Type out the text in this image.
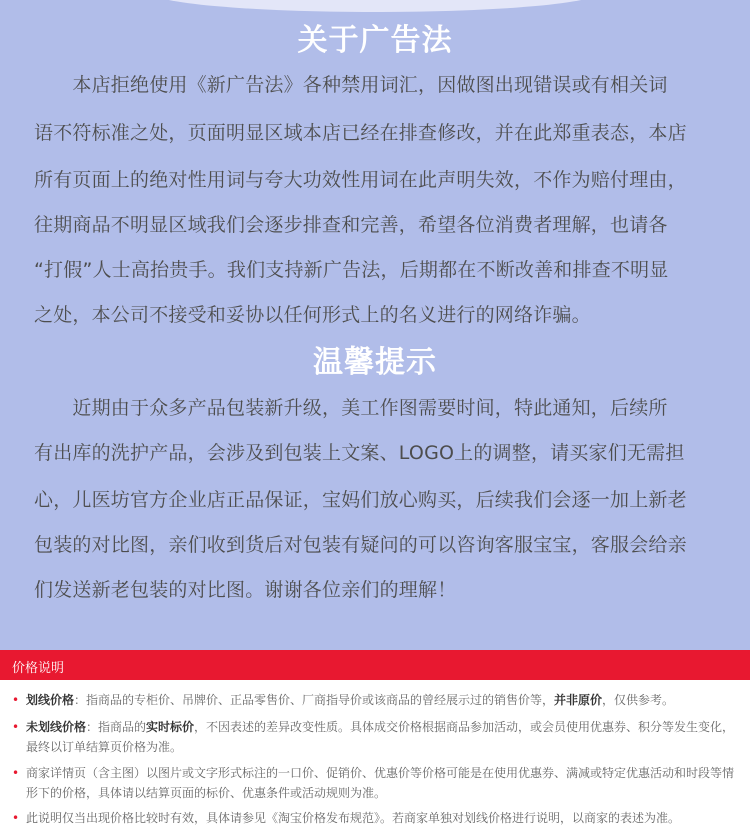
关于广告法
　　本店拒绝使用《新广告法》各种禁用词汇，因做图出现错误或有相关词
语不符标准之处，页面明显区域本店已经在排查修改，并在此郑重表态，本店
所有页面上的绝对性用词与夸大功效性用词在此声明失效，不作为赔付理由，
往期商品不明显区域我们会逐步排查和完善，希望各位消费者理解，也请各
“打假”人士高抬贵手。我们支持新广告法，后期都在不断改善和排查不明显
之处，本公司不接受和妥协以任何形式上的名义进行的网络诈骗。
温馨提示
　　近期由于众多产品包装新升级，美工作图需要时间，特此通知，后续所
有出库的洗护产品，会涉及到包装上文案、LOGO上的调整，请买家们无需担
心，儿医坊官方企业店正品保证，宝妈们放心购买，后续我们会逐一加上新老
包装的对比图，亲们收到货后对包装有疑问的可以咨询客服宝宝，客服会给亲
们发送新老包装的对比图。谢谢各位亲们的理解！
价格说明
• 划线价格：指商品的专柜价、吊牌价、正品零售价、厂商指导价或该商品的曾经展示过的销售价等，并非原价，仅供参考。
• 未划线价格：指商品的实时标价，不因表述的差异改变性质。具体成交价格根据商品参加活动，或会员使用优惠券、积分等发生变化，最终以订单结算页价格为准。
• 商家详情页（含主图）以图片或文字形式标注的一口价、促销价、优惠价等价格可能是在使用优惠券、满减或特定优惠活动和时段等情形下的价格，具体请以结算页面的标价、优惠条件或活动规则为准。
• 此说明仅当出现价格比较时有效，具体请参见《淘宝价格发布规范》。若商家单独对划线价格进行说明，以商家的表述为准。
